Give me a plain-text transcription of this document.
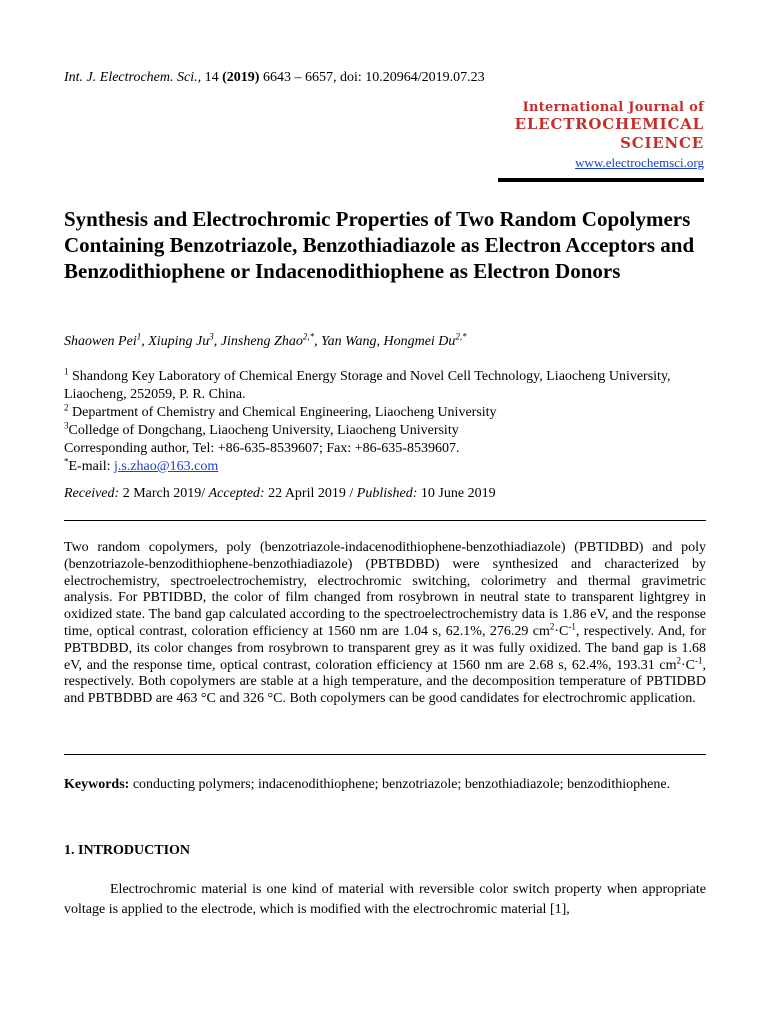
Int. J. Electrochem. Sci., 14 (2019) 6643 – 6657, doi: 10.20964/2019.07.23
International Journal of
ELECTROCHEMICAL
SCIENCE
www.electrochemsci.org
Synthesis and Electrochromic Properties of Two Random Copolymers Containing Benzotriazole, Benzothiadiazole as Electron Acceptors and Benzodithiophene or Indacenodithiophene as Electron Donors
Shaowen Pei$^1$, Xiuping Ju$^3$, Jinsheng Zhao$^{2,*}$, Yan Wang, Hongmei $Du^{2,*}$
$^1$ Shandong Key Laboratory of Chemical Energy Storage and Novel Cell Technology, Liaocheng University, Liaocheng, 252059, P. R. China.
$^2$ Department of Chemistry and Chemical Engineering, Liaocheng University
$^3$Colledge of Dongchang, Liaocheng University, Liaocheng University
Corresponding author, Tel: +86-635-8539607; Fax: +86-635-8539607.
*E-mail: j.s.zhao@163.com
Received: 2 March 2019/ Accepted: 22 April 2019 / Published: 10 June 2019
Two random copolymers, poly (benzotriazole-indacenodithiophene-benzothiadiazole) (PBTIDBD) and poly (benzotriazole-benzodithiophene-benzothiadiazole) (PBTBDBD) were synthesized and characterized by electrochemistry, spectroelectrochemistry, electrochromic switching, colorimetry and thermal gravimetric analysis. For PBTIDBD, the color of film changed from rosybrown in neutral state to transparent lightgrey in oxidized state. The band gap calculated according to the spectroelectrochemistry data is 1.86 eV, and the response time, optical contrast, coloration efficiency at 1560 nm are 1.04 s, 62.1%, 276.29 $cm^2\cdot C^{-1}$, respectively. And, for PBTBDBD, its color changes from rosybrown to transparent grey as it was fully oxidized. The band gap is 1.68 eV, and the response time, optical contrast, coloration efficiency at 1560 nm are 2.68 s, 62.4%, 193.31 $cm^2\cdot C^{-1}$, respectively. Both copolymers are stable at a high temperature, and the decomposition temperature of PBTIDBD and PBTBDBD are 463 °C and 326 °C. Both copolymers can be good candidates for electrochromic application.
Keywords: conducting polymers; indacenodithiophene; benzotriazole; benzothiadiazole; benzodithiophene.
1. INTRODUCTION
Electrochromic material is one kind of material with reversible color switch property when appropriate voltage is applied to the electrode, which is modified with the electrochromic material [1],
